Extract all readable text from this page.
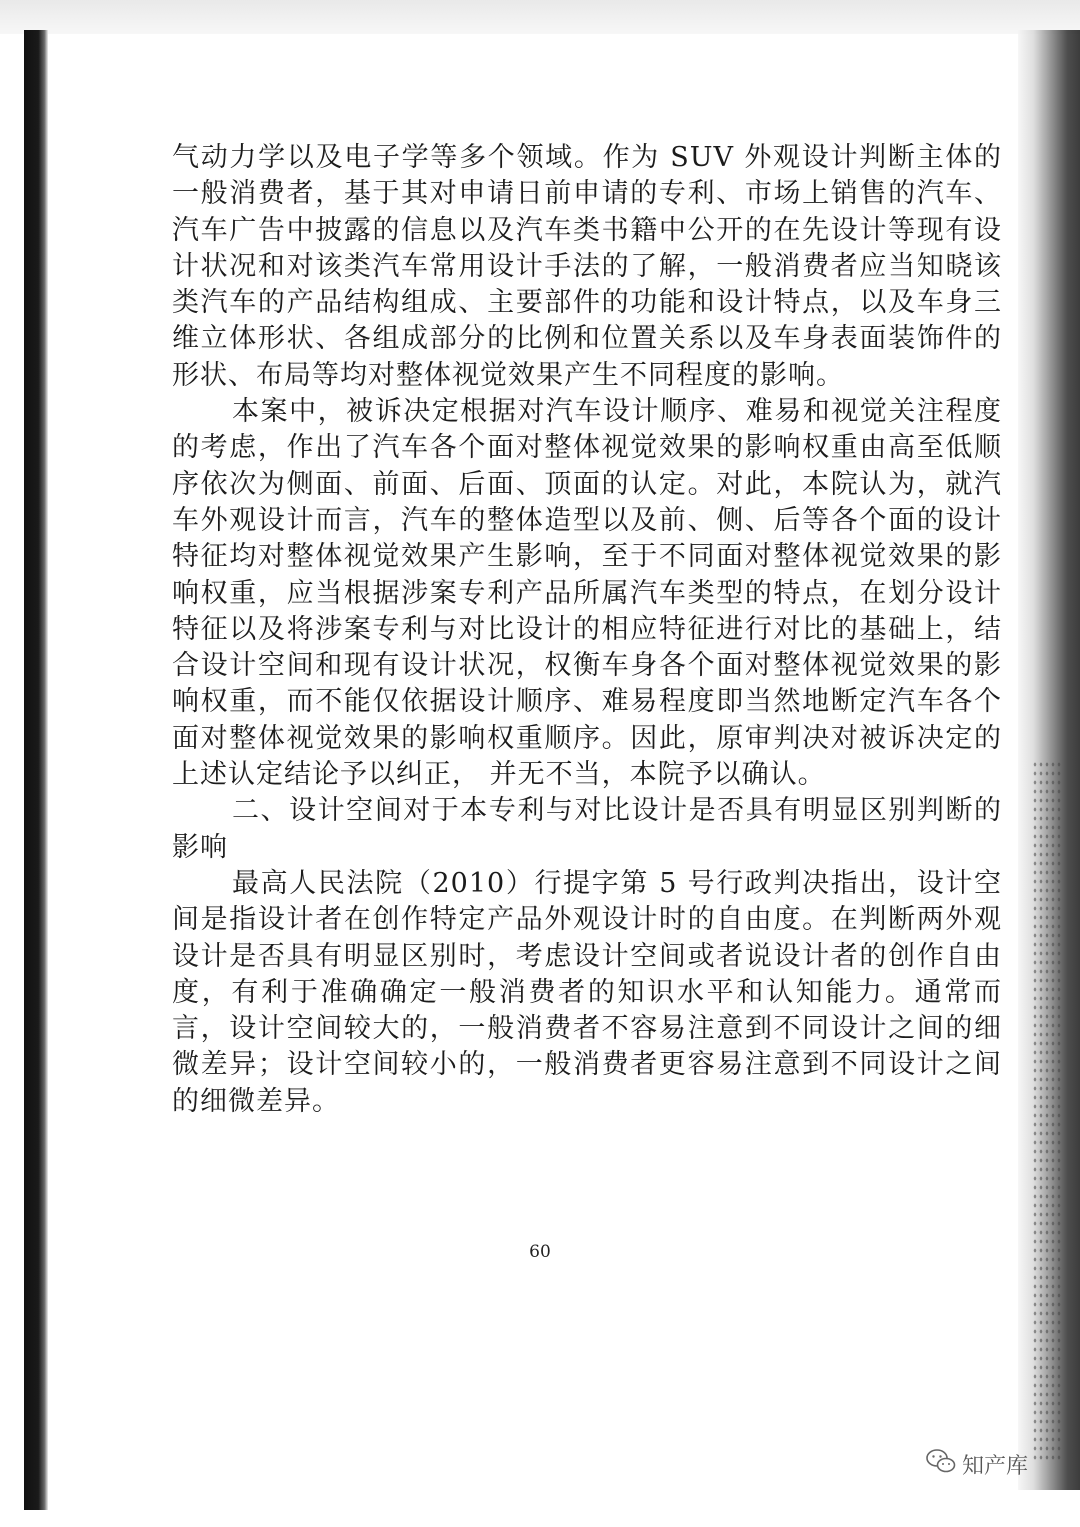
气动力学以及电子学等多个领域。作为 SUV 外观设计判断主体的一般消费者，基于其对申请日前申请的专利、市场上销售的汽车、汽车广告中披露的信息以及汽车类书籍中公开的在先设计等现有设计状况和对该类汽车常用设计手法的了解，一般消费者应当知晓该类汽车的产品结构组成、主要部件的功能和设计特点，以及车身三维立体形状、各组成部分的比例和位置关系以及车身表面装饰件的形状、布局等均对整体视觉效果产生不同程度的影响。

本案中，被诉决定根据对汽车设计顺序、难易和视觉关注程度的考虑，作出了汽车各个面对整体视觉效果的影响权重由高至低顺序依次为侧面、前面、后面、顶面的认定。对此，本院认为，就汽车外观设计而言，汽车的整体造型以及前、侧、后等各个面的设计特征均对整体视觉效果产生影响，至于不同面对整体视觉效果的影响权重，应当根据涉案专利产品所属汽车类型的特点，在划分设计特征以及将涉案专利与对比设计的相应特征进行对比的基础上，结合设计空间和现有设计状况，权衡车身各个面对整体视觉效果的影响权重，而不能仅依据设计顺序、难易程度即当然地断定汽车各个面对整体视觉效果的影响权重顺序。因此，原审判决对被诉决定的上述认定结论予以纠正， 并无不当，本院予以确认。

二、设计空间对于本专利与对比设计是否具有明显区别判断的影响

最高人民法院（2010）行提字第 5 号行政判决指出，设计空间是指设计者在创作特定产品外观设计时的自由度。在判断两外观设计是否具有明显区别时，考虑设计空间或者说设计者的创作自由度，有利于准确确定一般消费者的知识水平和认知能力。通常而言，设计空间较大的，一般消费者不容易注意到不同设计之间的细微差异；设计空间较小的，一般消费者更容易注意到不同设计之间的细微差异。

60
知产库
